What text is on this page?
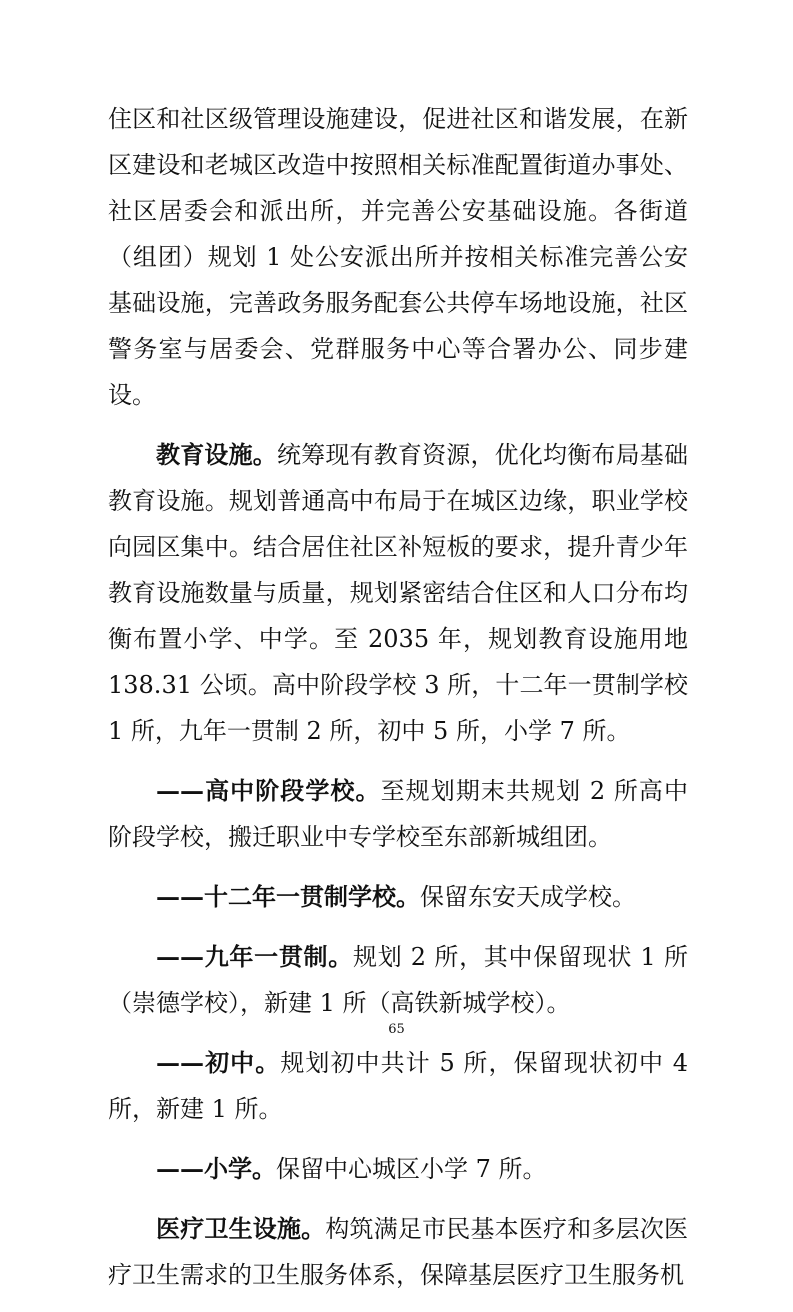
住区和社区级管理设施建设，促进社区和谐发展，在新区建设和老城区改造中按照相关标准配置街道办事处、社区居委会和派出所，并完善公安基础设施。各街道（组团）规划 1 处公安派出所并按相关标准完善公安基础设施，完善政务服务配套公共停车场地设施，社区警务室与居委会、党群服务中心等合署办公、同步建设。

教育设施。统筹现有教育资源，优化均衡布局基础教育设施。规划普通高中布局于在城区边缘，职业学校向园区集中。结合居住社区补短板的要求，提升青少年教育设施数量与质量，规划紧密结合住区和人口分布均衡布置小学、中学。至 2035 年，规划教育设施用地 138.31 公顷。高中阶段学校 3 所，十二年一贯制学校 1 所，九年一贯制 2 所，初中 5 所，小学 7 所。

——高中阶段学校。至规划期末共规划 2 所高中阶段学校，搬迁职业中专学校至东部新城组团。

——十二年一贯制学校。保留东安天成学校。

——九年一贯制。规划 2 所，其中保留现状 1 所（崇德学校），新建 1 所（高铁新城学校）。

——初中。规划初中共计 5 所，保留现状初中 4 所，新建 1 所。

——小学。保留中心城区小学 7 所。

医疗卫生设施。构筑满足市民基本医疗和多层次医疗卫生需求的卫生服务体系，保障基层医疗卫生服务机

65
